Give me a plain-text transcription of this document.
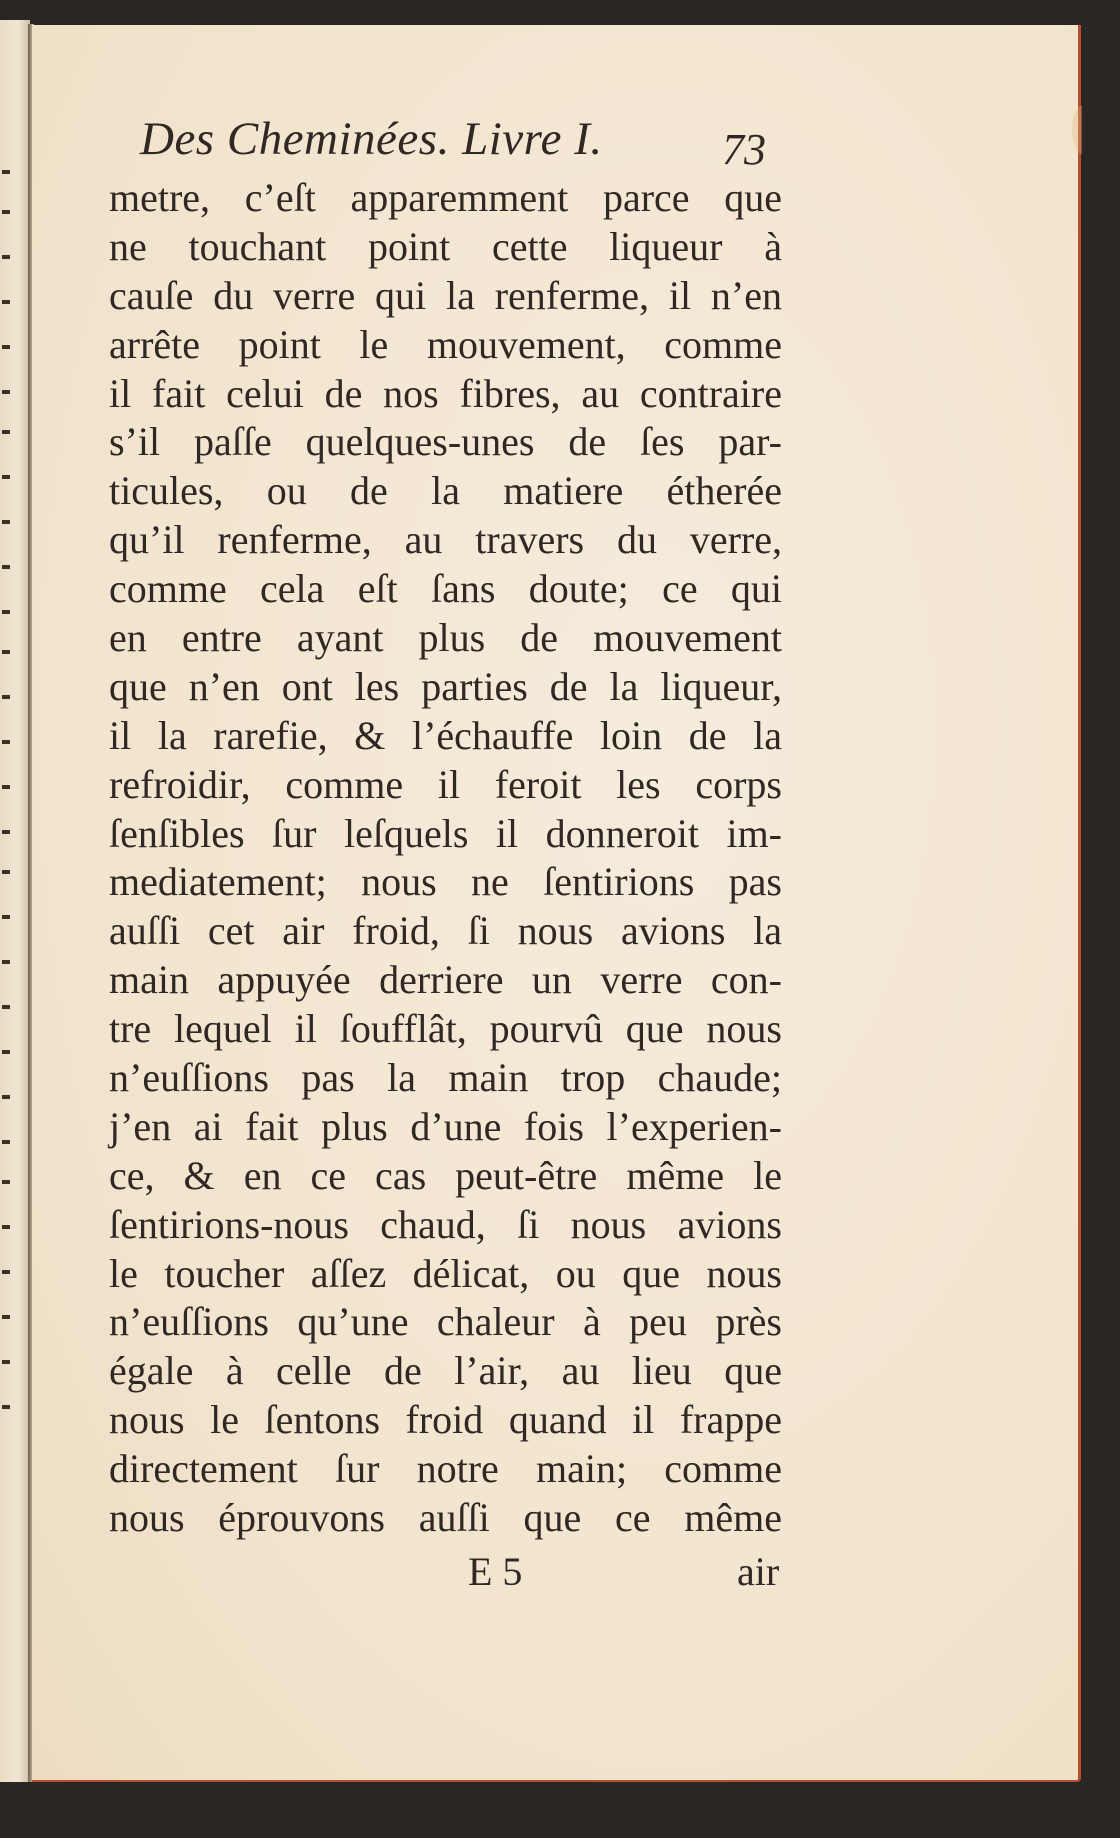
Des Cheminées. Livre I.	73
metre, c’eſt apparemment parce que
ne touchant point cette liqueur à
cauſe du verre qui la renferme, il n’en
arrête point le mouvement, comme
il fait celui de nos fibres, au contraire
s’il paſſe quelques-unes de ſes par-
ticules, ou de la matiere étherée
qu’il renferme, au travers du verre,
comme cela eſt ſans doute; ce qui
en entre ayant plus de mouvement
que n’en ont les parties de la liqueur,
il la rarefie, & l’échauffe loin de la
refroidir, comme il feroit les corps
ſenſibles ſur leſquels il donneroit im-
mediatement; nous ne ſentirions pas
auſſi cet air froid, ſi nous avions la
main appuyée derriere un verre con-
tre lequel il ſoufflât, pourvû que nous
n’euſſions pas la main trop chaude;
j’en ai fait plus d’une fois l’experien-
ce, & en ce cas peut-être même le
ſentirions-nous chaud, ſi nous avions
le toucher aſſez délicat, ou que nous
n’euſſions qu’une chaleur à peu près
égale à celle de l’air, au lieu que
nous le ſentons froid quand il frappe
directement ſur notre main; comme
nous éprouvons auſſi que ce même
E 5	air
